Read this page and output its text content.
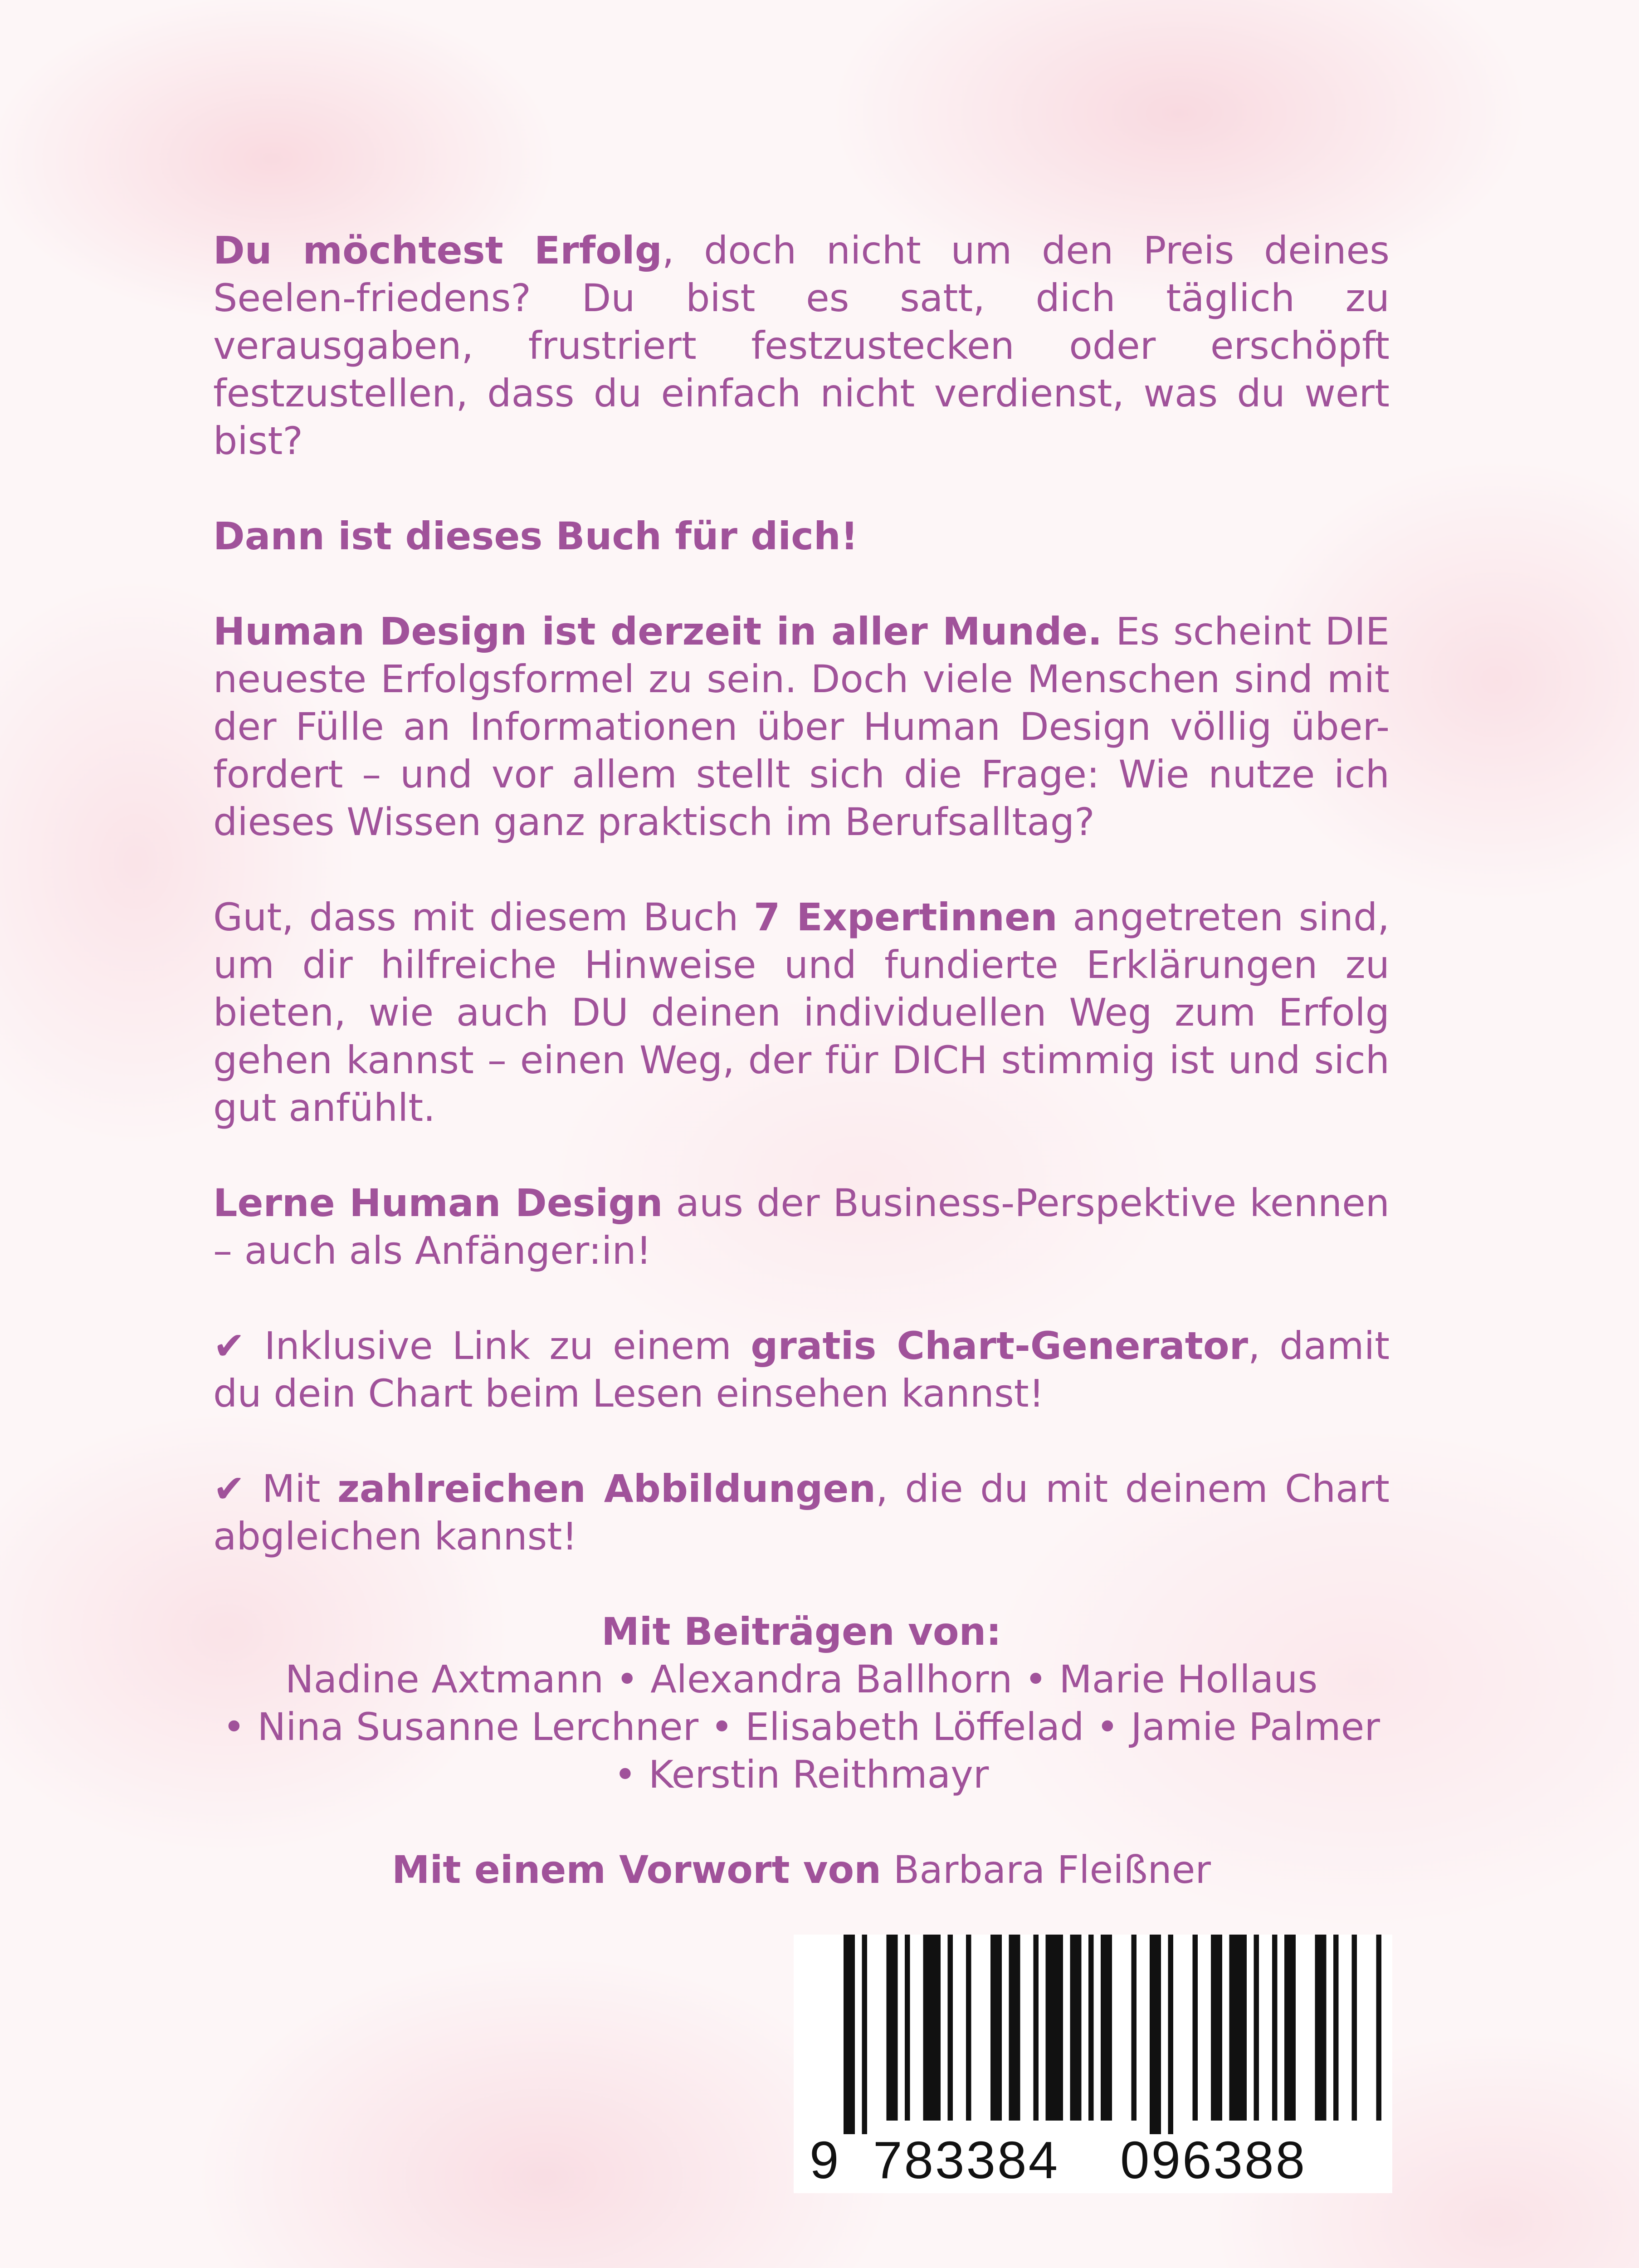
Du möchtest Erfolg, doch nicht um den Preis deines Seelen-friedens? Du bist es satt, dich täglich zu verausgaben, frustriert festzustecken oder erschöpft festzustellen, dass du einfach nicht verdienst, was du wert bist?

Dann ist dieses Buch für dich!

Human Design ist derzeit in aller Munde. Es scheint DIE neueste Erfolgsformel zu sein. Doch viele Menschen sind mit der Fülle an Informationen über Human Design völlig über-fordert – und vor allem stellt sich die Frage: Wie nutze ich dieses Wissen ganz praktisch im Berufsalltag?

Gut, dass mit diesem Buch 7 Expertinnen angetreten sind, um dir hilfreiche Hinweise und fundierte Erklärungen zu bieten, wie auch DU deinen individuellen Weg zum Erfolg gehen kannst – einen Weg, der für DICH stimmig ist und sich gut anfühlt.

Lerne Human Design aus der Business-Perspektive kennen – auch als Anfänger:in!

✔ Inklusive Link zu einem gratis Chart-Generator, damit du dein Chart beim Lesen einsehen kannst!

✔ Mit zahlreichen Abbildungen, die du mit deinem Chart abgleichen kannst!

Mit Beiträgen von:
Nadine Axtmann • Alexandra Ballhorn • Marie Hollaus
• Nina Susanne Lerchner • Elisabeth Löffelad • Jamie Palmer
• Kerstin Reithmayr
Mit einem Vorwort von Barbara Fleißner
9 783384 096388
